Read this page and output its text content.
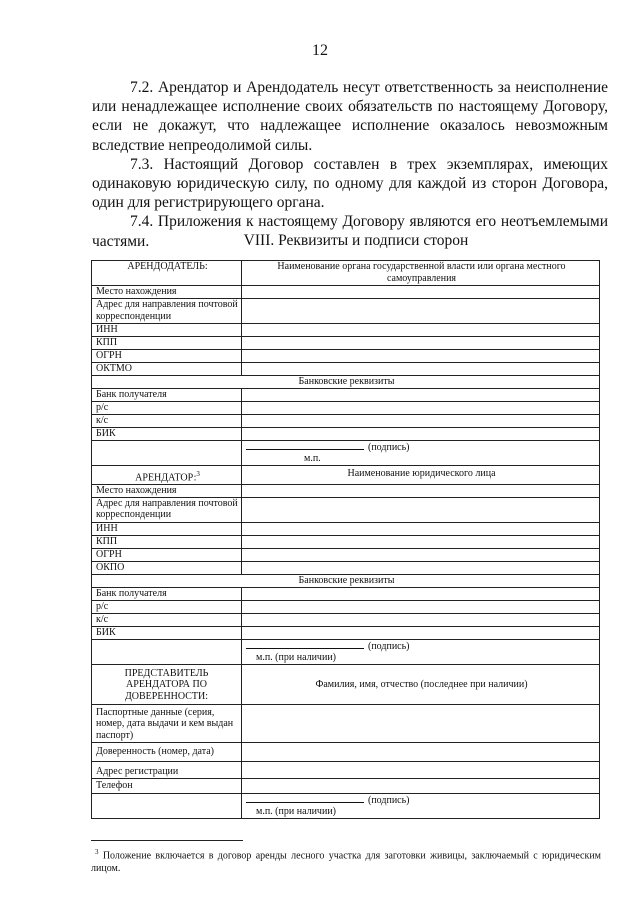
12

7.2. Арендатор и Арендодатель несут ответственность за неисполнение или ненадлежащее исполнение своих обязательств по настоящему Договору, если не докажут, что надлежащее исполнение оказалось невозможным вследствие непреодолимой силы.

7.3. Настоящий Договор составлен в трех экземплярах, имеющих одинаковую юридическую силу, по одному для каждой из сторон Договора, один для регистрирующего органа.

7.4. Приложения к настоящему Договору являются его неотъемлемыми частями.	VIII. Реквизиты и подписи сторон
АРЕНДОДАТЕЛЬ:	Наименование органа государственной власти или органа местного самоуправления
Место нахождения	
Адрес для направления почтовой корреспонденции	
ИНН	
КПП	
ОГРН	
ОКТМО	
Банковские реквизиты	
Банк получателя	
р/с	
к/с	
БИК	

	(подпись)
м.п.

АРЕНДАТОР:$^3$	Наименование юридического лица
Место нахождения	
Адрес для направления почтовой корреспонденции	
ИНН	
КПП	
ОГРН	
ОКПО	
Банковские реквизиты	
Банк получателя	
р/с	
к/с	
БИК	

	(подпись)
м.п. (при наличии)

ПРЕДСТАВИТЕЛЬ АРЕНДАТОРА ПО ДОВЕРЕННОСТИ:	Фамилия, имя, отчество (последнее при наличии)
Паспортные данные (серия, номер, дата выдачи и кем выдан паспорт)	
Доверенность (номер, дата)	
Адрес регистрации	
Телефон	

	(подпись)
м.п. (при наличии)
$^3$ Положение включается в договор аренды лесного участка для заготовки живицы, заключаемый с юридическим лицом.
